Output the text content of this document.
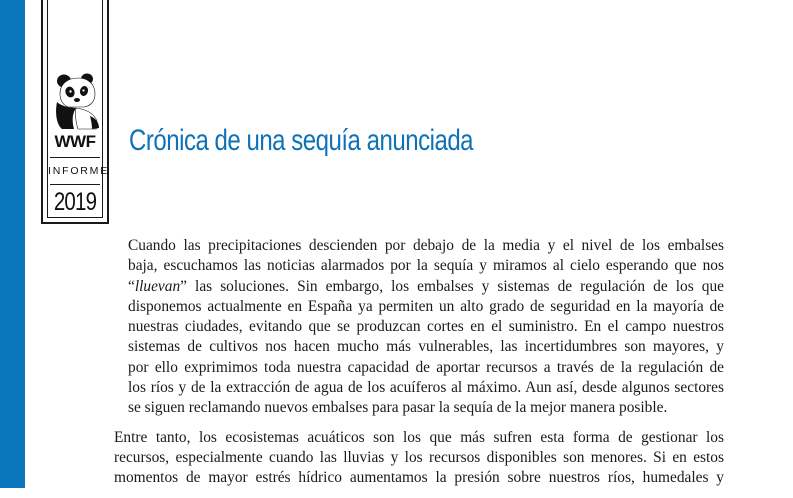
WWF
INFORME
2019
Crónica de una sequía anunciada

Cuando las precipitaciones descienden por debajo de la media y el nivel de los embalses
baja, escuchamos las noticias alarmados por la sequía y miramos al cielo esperando que nos
“lluevan” las soluciones. Sin embargo, los embalses y sistemas de regulación de los que
disponemos actualmente en España ya permiten un alto grado de seguridad en la mayoría de
nuestras ciudades, evitando que se produzcan cortes en el suministro. En el campo nuestros
sistemas de cultivos nos hacen mucho más vulnerables, las incertidumbres son mayores, y
por ello exprimimos toda nuestra capacidad de aportar recursos a través de la regulación de
los ríos y de la extracción de agua de los acuíferos al máximo. Aun así, desde algunos sectores
se siguen reclamando nuevos embalses para pasar la sequía de la mejor manera posible.

Entre tanto, los ecosistemas acuáticos son los que más sufren esta forma de gestionar los
recursos, especialmente cuando las lluvias y los recursos disponibles son menores. Si en estos
momentos de mayor estrés hídrico aumentamos la presión sobre nuestros ríos, humedales y
